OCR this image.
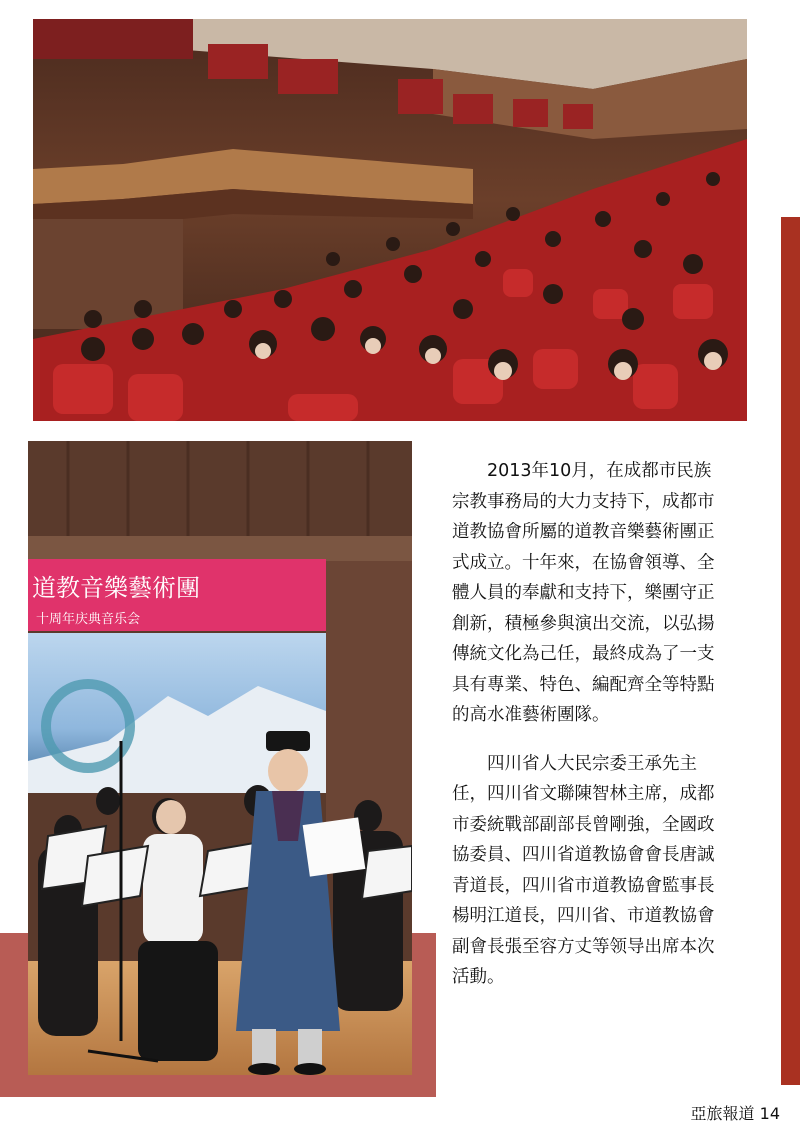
道教音樂藝術團
十周年庆典音乐会

2013年10月，在成都市民族宗教事務局的大力支持下，成都市道教協會所屬的道教音樂藝術團正式成立。十年來，在協會領導、全體人員的奉獻和支持下，樂團守正創新，積極參與演出交流，以弘揚傳統文化為己任，最終成為了一支具有專業、特色、編配齊全等特點的高水准藝術團隊。

四川省人大民宗委王承先主任，四川省文聯陳智林主席，成都市委統戰部副部長曾剛強，全國政協委員、四川省道教協會會長唐誠青道長，四川省市道教協會監事長楊明江道長，四川省、市道教協會副會長張至容方丈等领导出席本次活動。

亞旅報道 14
